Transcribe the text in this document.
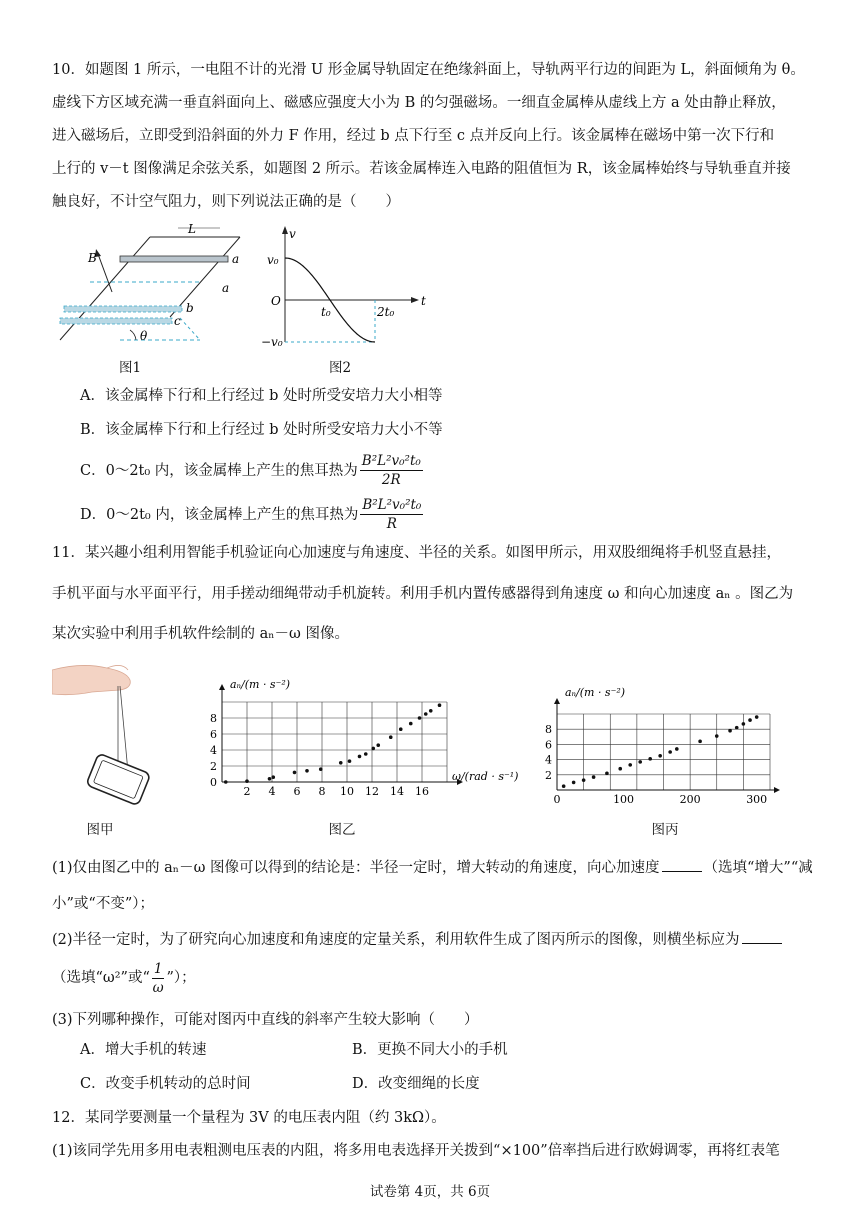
10．如题图 1 所示，一电阻不计的光滑 U 形金属导轨固定在绝缘斜面上，导轨两平行边的间距为 L，斜面倾角为 θ。
虚线下方区域充满一垂直斜面向上、磁感应强度大小为 B 的匀强磁场。一细直金属棒从虚线上方 a 处由静止释放，
进入磁场后，立即受到沿斜面的外力 F 作用，经过 b 点下行至 c 点并反向上行。该金属棒在磁场中第一次下行和
上行的 v－t 图像满足余弦关系，如题图 2 所示。若该金属棒连入电路的阻值恒为 R，该金属棒始终与导轨垂直并接
触良好，不计空气阻力，则下列说法正确的是（　　）
L
a
B
a
b
c
θ
图1
v
t
v₀
O
−v₀
t₀	2t₀
图2
A．该金属棒下行和上行经过 b 处时所受安培力大小相等
B．该金属棒下行和上行经过 b 处时所受安培力大小不等
C．0～2t₀ 内，该金属棒上产生的焦耳热为 $\frac{\text{B²L²v₀²t₀}}{2R}$
D．0～2t₀ 内，该金属棒上产生的焦耳热为 $\frac{\text{B²L²v₀²t₀}}{R}$
11．某兴趣小组利用智能手机验证向心加速度与角速度、半径的关系。如图甲所示，用双股细绳将手机竖直悬挂，
手机平面与水平面平行，用手搓动细绳带动手机旋转。利用手机内置传感器得到角速度 ω 和向心加速度 aₙ 。图乙为
某次实验中利用手机软件绘制的 aₙ－ω 图像。
图甲
2 4 6 8 10 12 14 16
0
2
4
6
8
aₙ/(m · s⁻²)
ω/(rad · s⁻¹)
图乙
0	100	200	300
2
4
6
8
aₙ/(m · s⁻²)
图丙
(1)仅由图乙中的 aₙ－ω 图像可以得到的结论是：半径一定时，增大转动的角速度，向心加速度	（选填“增大”“减
小”或“不变”）；
(2)半径一定时，为了研究向心加速度和角速度的定量关系，利用软件生成了图丙所示的图像，则横坐标应为
（选填“ω²”或“ $\frac{1}{\omega}$ ”）；
(3)下列哪种操作，可能对图丙中直线的斜率产生较大影响（　　）
A．增大手机的转速	B．更换不同大小的手机
C．改变手机转动的总时间	D．改变细绳的长度
12．某同学要测量一个量程为 3V 的电压表内阻（约 3kΩ）。
(1)该同学先用多用电表粗测电压表的内阻，将多用电表选择开关拨到“×100”倍率挡后进行欧姆调零，再将红表笔
试卷第 4页，共 6页
